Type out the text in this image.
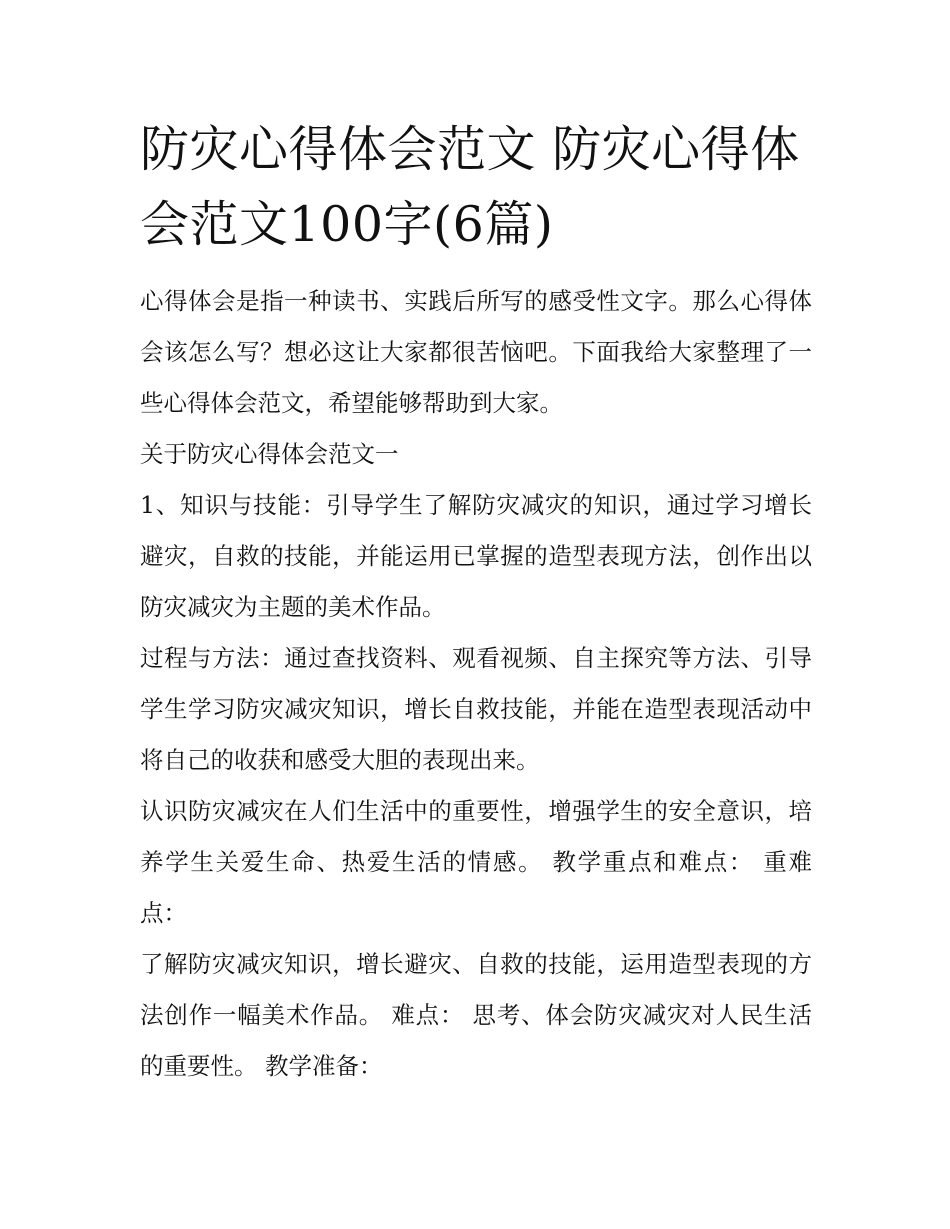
防灾心得体会范文 防灾心得体
会范文100字(6篇)

心得体会是指一种读书、实践后所写的感受性文字。那么心得体会该怎么写？想必这让大家都很苦恼吧。下面我给大家整理了一些心得体会范文，希望能够帮助到大家。

关于防灾心得体会范文一

1、知识与技能：引导学生了解防灾减灾的知识，通过学习增长避灾，自救的技能，并能运用已掌握的造型表现方法，创作出以防灾减灾为主题的美术作品。

过程与方法：通过查找资料、观看视频、自主探究等方法、引导学生学习防灾减灾知识，增长自救技能，并能在造型表现活动中将自己的收获和感受大胆的表现出来。

认识防灾减灾在人们生活中的重要性，增强学生的安全意识，培养学生关爱生命、热爱生活的情感。 教学重点和难点： 重难点：

了解防灾减灾知识，增长避灾、自救的技能，运用造型表现的方法创作一幅美术作品。 难点： 思考、体会防灾减灾对人民生活的重要性。 教学准备：
